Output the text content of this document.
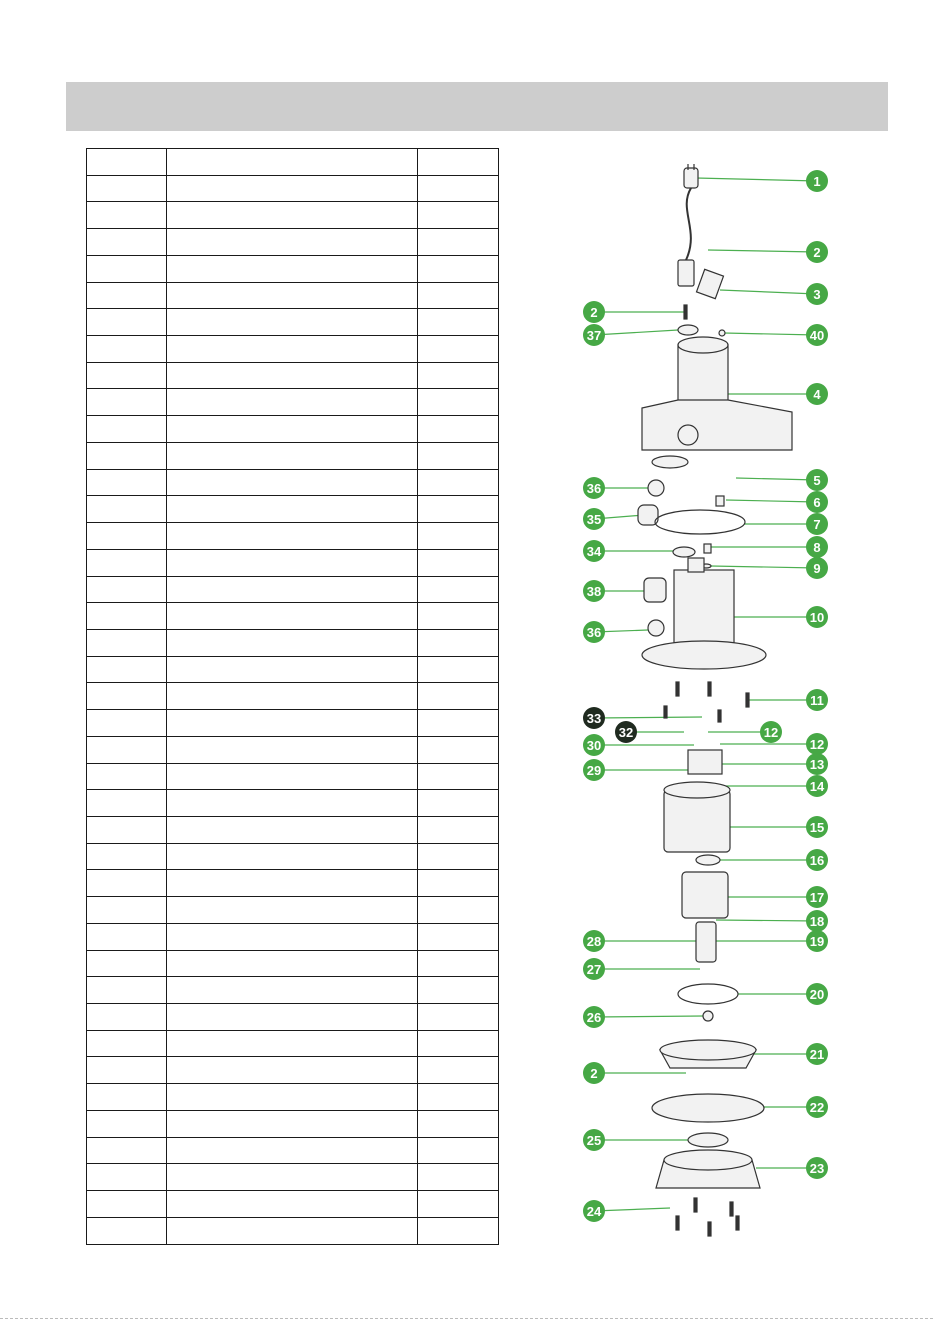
1
2
3
2
37	40
4
5
36
6
35	7
34	8
9
38
10
36
11
33
32	12
30	12
29	13
14
15
16
17
18
28	19
27
20
26
21
2
22
25
23
24
